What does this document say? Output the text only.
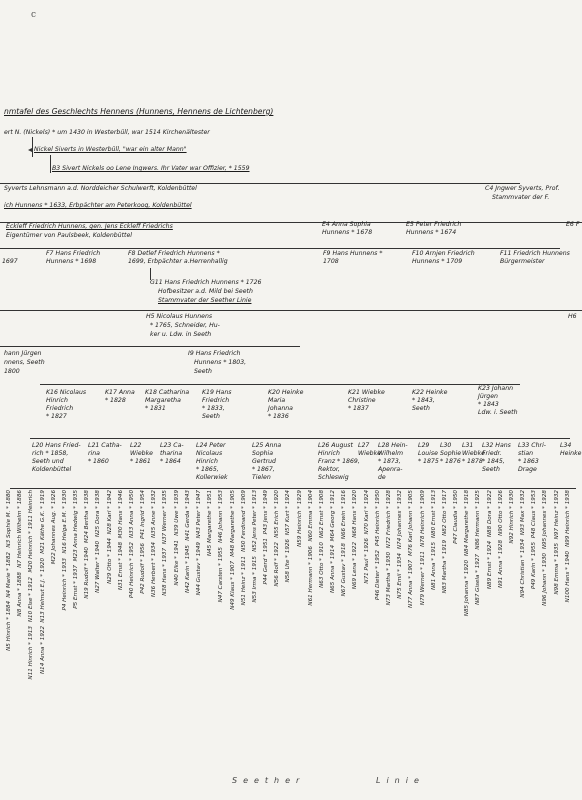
c
nmtafel des Geschlechts Hennens (Hunnens, Hennens de Lichtenberg)
ert N. (Nickels) * um 1430 in Westerbüll, war 1514 Kirchenältester
Nickel Siverts in Westerbüll, "war ein alter Mann"
B3 Sivert Nickels oo Lene Ingwers. Ihr Vater war Offizier, * 1559
Syverts Lehnsmann a.d. Norddeicher Schulwerft, Koldenbüttel	C4 Jngwer Syverts, Prof.
Stammvater der F.
ich Hunnens * 1633, Erbpächter am Peterkoog, Koldenbüttel
Eckleff Friedrich Hunnens, gen. Jens Eckleff Friedrichs
Eigentümer von Paulsbeek, Koldenbüttel
E4 Anna Sophia Hunnens * 1678
E5 Peter Friedrich Hunnens * 1674
E6 F
1697
F7 Hans Friedrich Hunnens * 1698
F8 Detlef Friedrich Hunnens * 1699, Erbpächter a.Herrenhallig
F9 Hans Hunnens * 1708
F10 Arnjen Friedrich Hunnens * 1709
F11 Friedrich Hunnens Bürgermeister
G11 Hans Friedrich Hunnens * 1726
Hofbesitzer a.d. Mild bei Seeth
Stammvater der Seether Linie
H5 Nicolaus Hunnens
* 1765, Schneider, Hu-
ker u. Ldw. in Seeth
H6
hann Jürgen
nnens, Seeth
1800
I9 Hans Friedrich
Hunnens * 1803,
Seeth
K16 Nicolaus
Hinrich
Friedrich
* 1827
K17 Anna
* 1828
K18 Catharina
Margaretha
* 1831
K19 Hans
Friedrich
* 1833,
Seeth
K20 Heinke
Maria
Johanna
* 1836
K21 Wiebke
Christine
* 1837
K22 Heinke
* 1843,
Seeth
K23 Johann
Jürgen
* 1843
Ldw. i. Seeth
L20 Hans Fried-
rich * 1858,
Seeth und
Koldenbüttel
L21 Catha-
rina
* 1860
L22
Wiebke
* 1861
L23 Ca-
tharina
* 1864
L24 Peter
Nicolaus
Hinrich
* 1865,
Kollerwiek
L25 Anna
Sophia
Gertrud
* 1867,
Tielen
L26 August
Hinrich
Franz * 1869,
Rektor,
Schleswig
L27
Wiebke
L28 Hein-
Wilhelm
* 1873,
Apenra-
de
L29
Louise
* 1875
L30
Sophie
* 1876
L31
Wiebke
* 1878
L32 Hans
Friedr.
* 1845,
Seeth
L33 Chri-
stian
* 1863
Drage
L34
Heinke
N3 Sophie M. * 1880
N4 Marie * 1882
N5 Hinrich * 1884
N7 Heinrich Wilhelm * 1886
N8 Anna * 1888
M20 Heinrich * 1911 Heinrich
N10 Else * 1912
N11 Hinrich * 1913
M21 Käthe G.K. * 1919
N13 Helmut E.J. * 1920
N14 Anna * 1922
M22 Johannes Aug. * 1926 N16 Helga E.M. * 1930
P4 Heinrich * 1933
M23 Anna Hedwig * 1935
P5 Ernst * 1937
M24 Bertha * 1938
N19 Rudolf * 1940
N25 Dora * 1938
N27 Walter * 1940
N28 Karl * 1942
N29 Otto * 1944
M30 Hans * 1946
N31 Ernst * 1948
N33 Anna * 1950
P40 Heinrich * 1952
P41 Ingrid * 1954
P42 Rudolf * 1956
N35 Anne * 1932
N36 Herbert * 1934
N37 Werner * 1935
N38 Hans * 1937
N39 Uwe * 1939
N40 Elke * 1941
N41 Gerda * 1943
N42 Karin * 1945
N43 Peter * 1947
N44 Gustav * 1949
N45 Margarethe * 1951 N46 Johann * 1953
N47 Carsten * 1955
M48 Margarethe * 1905
N49 Klaus * 1907
N50 Ferdinand * 1909
N51 Heinz * 1911
N52 Jens Peter * 1913
N53 Irma * 1915
P43 Jens * 1949
P44 Gerd * 1951
N55 Erich * 1920
N56 Rolf * 1922
N57 Kurt * 1924
N58 Ute * 1926
N59 Heinrich * 1929 N60 Emma * 1904
N61 Hermann * 1906
N62 Ernst * 1908
N63 Otto * 1910
M64 Georg * 1912
N65 Anna * 1914
N66 Erwin * 1916
N67 Gustav * 1918
N68 Hans * 1920
N69 Lena * 1922
N70 Karl * 1924
N71 Paul * 1926
P45 Heinrich * 1950
P46 Dieter * 1952
N72 Friedrich * 1928
N73 Martha * 1930
N74 Johannes * 1932
N75 Emil * 1934
M76 Karl Johann * 1905
N77 Anna * 1907
N78 Heinrich * 1909
N79 Werner * 1911
N80 Ernst * 1913
N81 Anna * 1915
N82 Otto * 1917
N83 Martha * 1919
P47 Claudia * 1950 N84 Margarethe * 1918
N85 Johanna * 1920
N86 Hermann * 1925
N87 Gisela * 1927
N88 Dora * 1922
N89 Ernst * 1924
N90 Otto * 1926
N91 Anna * 1928
N92 Hinrich * 1930 N93 Max * 1932
N94 Christian * 1934
P48 Claus * 1953
P49 Karin * 1955
N95 Johannes * 1928
N96 Johann * 1930
N97 Heinz * 1932
N98 Emma * 1935
N99 Heinrich * 1938
N100 Hans * 1940
Seether	Linie
